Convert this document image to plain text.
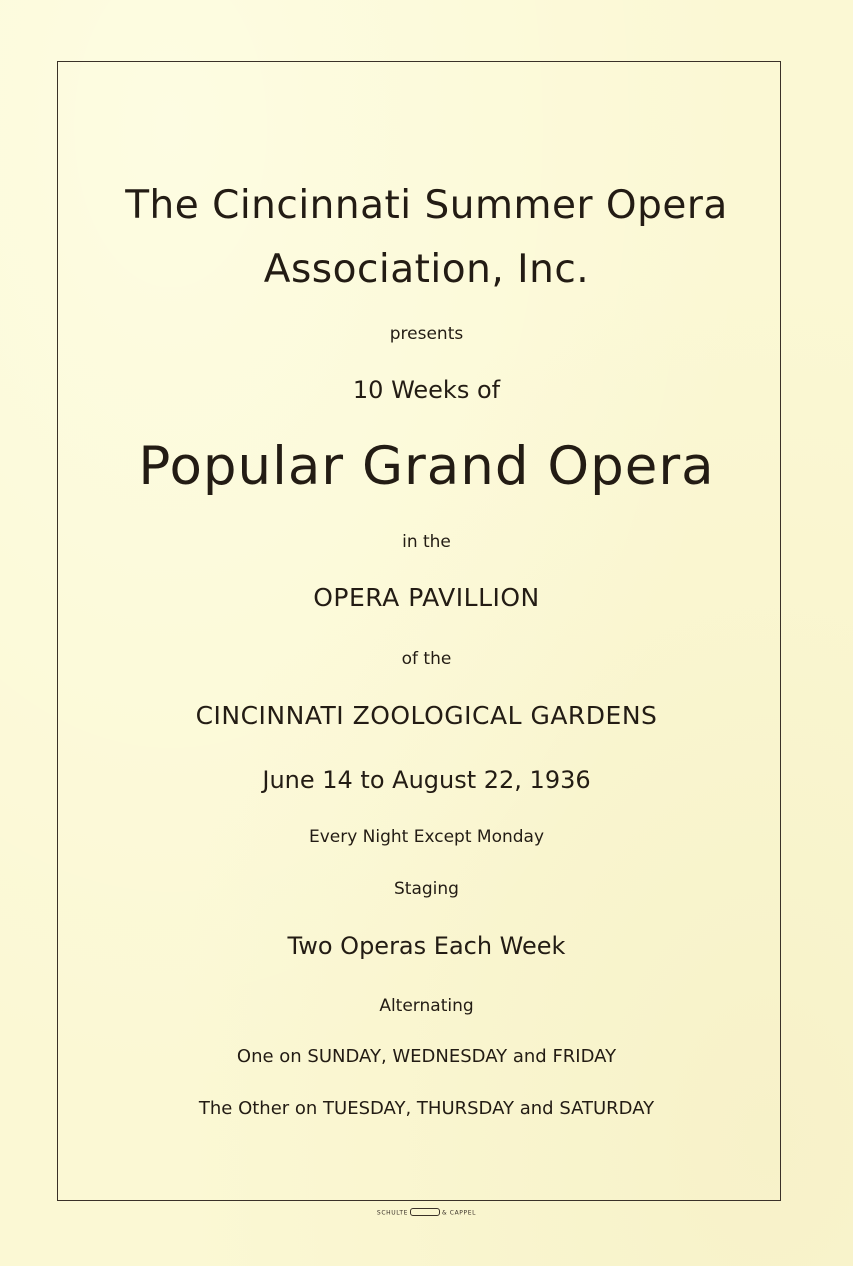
The Cincinnati Summer Opera
Association, Inc.
presents
10 Weeks of
Popular Grand Opera
in the
OPERA PAVILLION
of the
CINCINNATI ZOOLOGICAL GARDENS
June 14 to August 22, 1936
Every Night Except Monday
Staging
Two Operas Each Week
Alternating
One on SUNDAY, WEDNESDAY and FRIDAY
The Other on TUESDAY, THURSDAY and SATURDAY
SCHULTE	& CAPPEL
